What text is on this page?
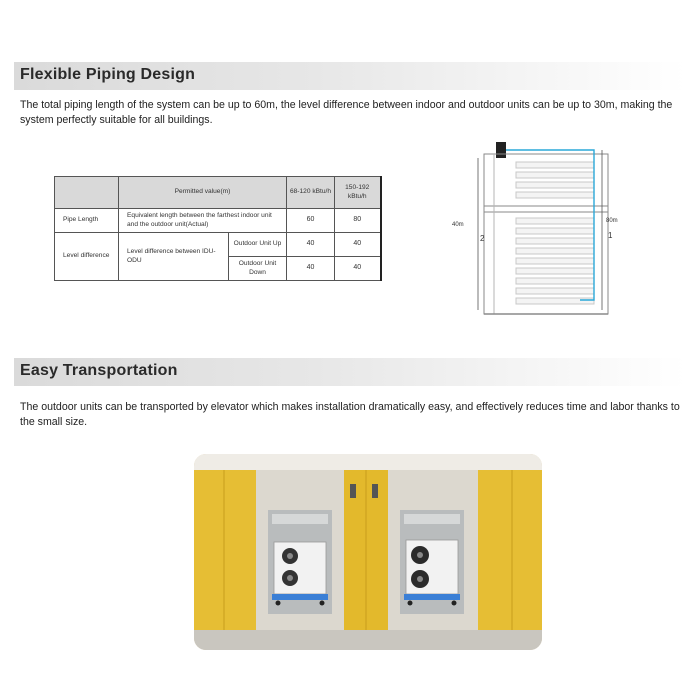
Flexible Piping Design
The total piping length of the system can be up to 60m, the level difference between indoor and outdoor units can be up to 30m, making the system perfectly suitable for all buildings.
	Permitted value(m)		68-120 kBtu/h	150-192 kBtu/h
Pipe Length	Equivalent length between the farthest indoor unit and the outdoor unit(Actual)		60	80
Level difference	Level difference between IDU-ODU	Outdoor Unit Up	40	40
		Outdoor Unit Down	40	40
40m
80m
2	1
Easy Transportation
The outdoor units can be transported by elevator which makes installation dramatically easy, and effectively reduces time and labor thanks to the small size.
